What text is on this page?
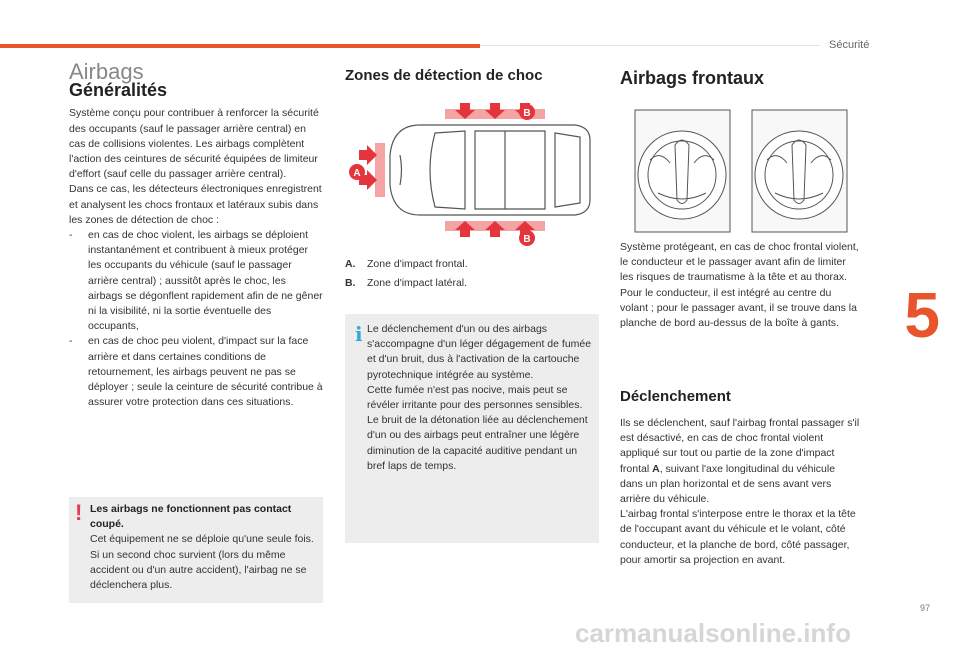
Sécurité
5
Airbags
Généralités

Système conçu pour contribuer à renforcer la sécurité des occupants (sauf le passager arrière central) en cas de collisions violentes. Les airbags complètent l'action des ceintures de sécurité équipées de limiteur d'effort (sauf celle du passager arrière central).

Dans ce cas, les détecteurs électroniques enregistrent et analysent les chocs frontaux et latéraux subis dans les zones de détection de choc :

- en cas de choc violent, les airbags se déploient instantanément et contribuent à mieux protéger les occupants du véhicule (sauf le passager arrière central) ; aussitôt après le choc, les airbags se dégonflent rapidement afin de ne gêner ni la visibilité, ni la sortie éventuelle des occupants,
- en cas de choc peu violent, d'impact sur la face arrière et dans certaines conditions de retournement, les airbags peuvent ne pas se déployer ; seule la ceinture de sécurité contribue à assurer votre protection dans ces situations.
! Les airbags ne fonctionnent pas contact coupé.
Cet équipement ne se déploie qu'une seule fois. Si un second choc survient (lors du même accident ou d'un autre accident), l'airbag ne se déclenchera plus.
Zones de détection de choc
A
B
B
A.	Zone d'impact frontal.
B.	Zone d'impact latéral.
i Le déclenchement d'un ou des airbags s'accompagne d'un léger dégagement de fumée et d'un bruit, dus à l'activation de la cartouche pyrotechnique intégrée au système.

Cette fumée n'est pas nocive, mais peut se révéler irritante pour des personnes sensibles.

Le bruit de la détonation liée au déclenchement d'un ou des airbags peut entraîner une légère diminution de la capacité auditive pendant un bref laps de temps.

Airbags frontaux

Système protégeant, en cas de choc frontal violent, le conducteur et le passager avant afin de limiter les risques de traumatisme à la tête et au thorax.

Pour le conducteur, il est intégré au centre du volant ; pour le passager avant, il se trouve dans la planche de bord au-dessus de la boîte à gants.

Déclenchement

Ils se déclenchent, sauf l'airbag frontal passager s'il est désactivé, en cas de choc frontal violent appliqué sur tout ou partie de la zone d'impact frontal A, suivant l'axe longitudinal du véhicule dans un plan horizontal et de sens avant vers arrière du véhicule.

L'airbag frontal s'interpose entre le thorax et la tête de l'occupant avant du véhicule et le volant, côté conducteur, et la planche de bord, côté passager, pour amortir sa projection en avant.

97
carmanualsonline.info
